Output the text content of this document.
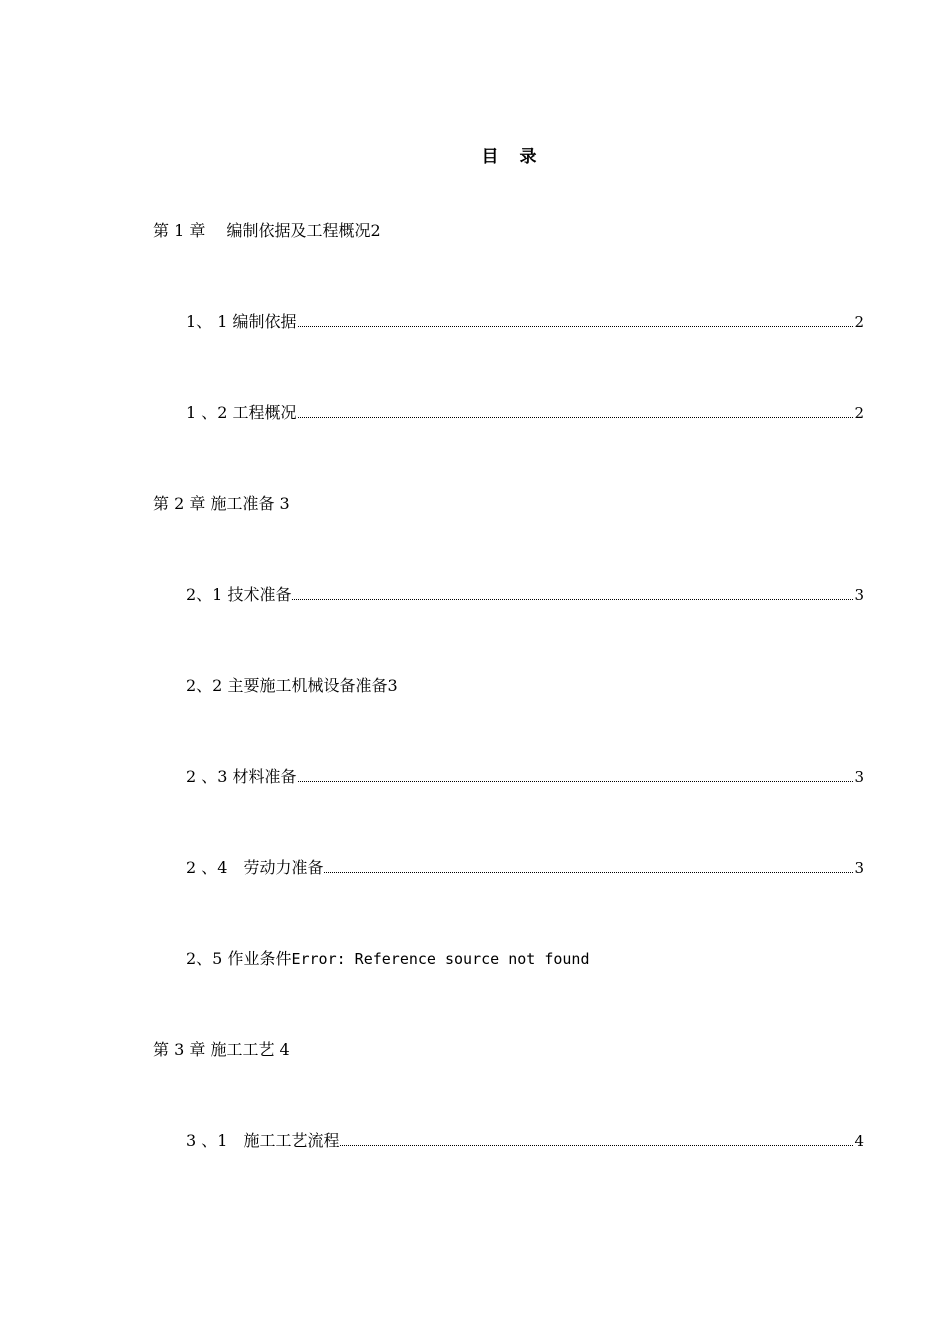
目　录
第 1 章　 编制依据及工程概况2
1、 1 编制依据	2
1 、2 工程概况	2
第 2 章 施工准备 3
2、1 技术准备	3
2、2 主要施工机械设备准备3
2 、3 材料准备	3
2 、4　劳动力准备	3
2、5 作业条件 Error: Reference source not found
第 3 章 施工工艺 4
3 、1　施工工艺流程	4
